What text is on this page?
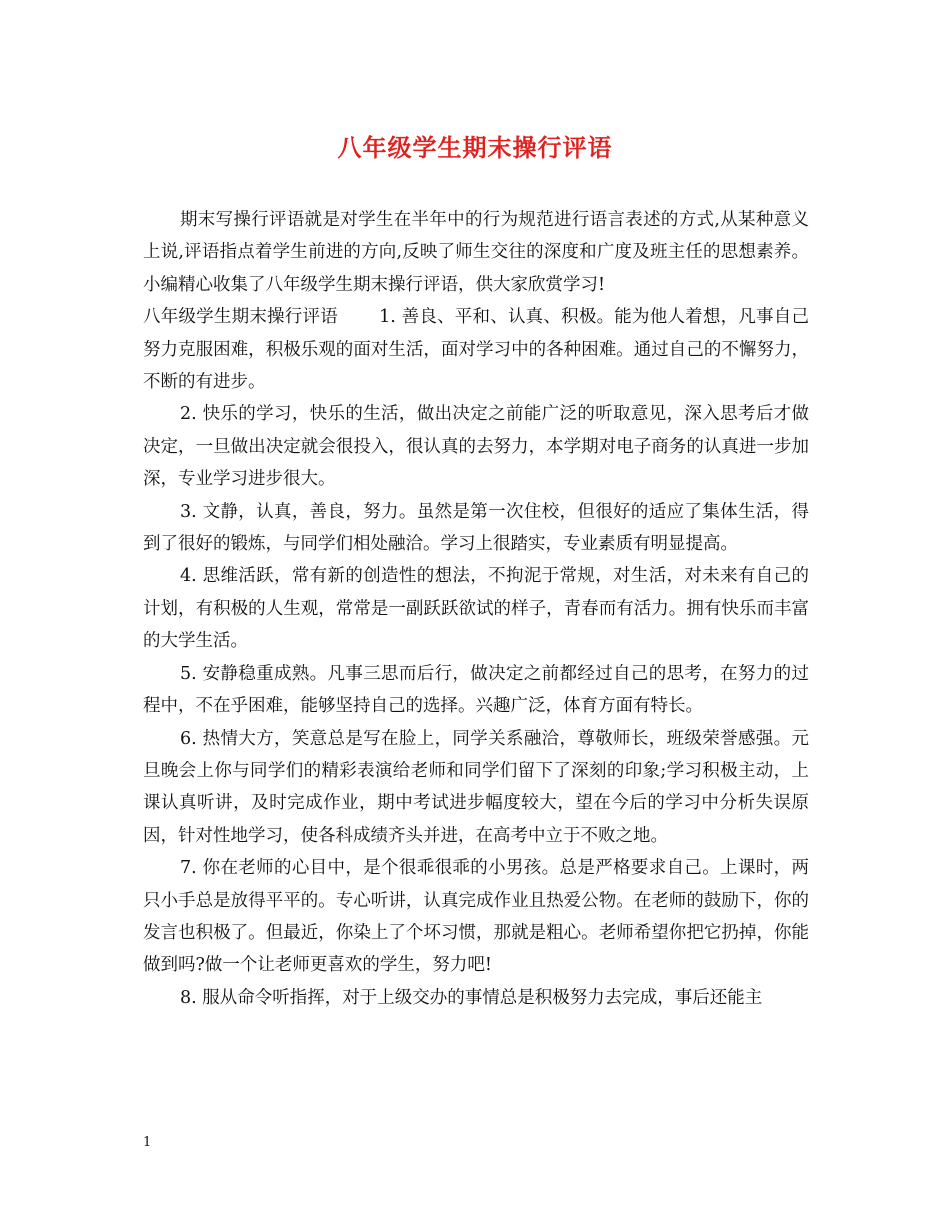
八年级学生期末操行评语

期末写操行评语就是对学生在半年中的行为规范进行语言表述的方式,从某种意义上说,评语指点着学生前进的方向,反映了师生交往的深度和广度及班主任的思想素养。小编精心收集了八年级学生期末操行评语，供大家欣赏学习!

八年级学生期末操行评语　　 1. 善良、平和、认真、积极。能为他人着想，凡事自己努力克服困难，积极乐观的面对生活，面对学习中的各种困难。通过自己的不懈努力，不断的有进步。

2. 快乐的学习，快乐的生活，做出决定之前能广泛的听取意见，深入思考后才做决定，一旦做出决定就会很投入，很认真的去努力，本学期对电子商务的认真进一步加深，专业学习进步很大。

3. 文静，认真，善良，努力。虽然是第一次住校，但很好的适应了集体生活，得到了很好的锻炼，与同学们相处融洽。学习上很踏实，专业素质有明显提高。

4. 思维活跃，常有新的创造性的想法，不拘泥于常规，对生活，对未来有自己的计划，有积极的人生观，常常是一副跃跃欲试的样子，青春而有活力。拥有快乐而丰富的大学生活。

5. 安静稳重成熟。凡事三思而后行，做决定之前都经过自己的思考，在努力的过程中，不在乎困难，能够坚持自己的选择。兴趣广泛，体育方面有特长。

6. 热情大方，笑意总是写在脸上，同学关系融洽，尊敬师长，班级荣誉感强。元旦晚会上你与同学们的精彩表演给老师和同学们留下了深刻的印象;学习积极主动，上课认真听讲，及时完成作业，期中考试进步幅度较大，望在今后的学习中分析失误原因，针对性地学习，使各科成绩齐头并进，在高考中立于不败之地。

7. 你在老师的心目中，是个很乖很乖的小男孩。总是严格要求自己。上课时，两只小手总是放得平平的。专心听讲，认真完成作业且热爱公物。在老师的鼓励下，你的发言也积极了。但最近，你染上了个坏习惯，那就是粗心。老师希望你把它扔掉，你能做到吗?做一个让老师更喜欢的学生，努力吧!

8. 服从命令听指挥，对于上级交办的事情总是积极努力去完成，事后还能主

1
